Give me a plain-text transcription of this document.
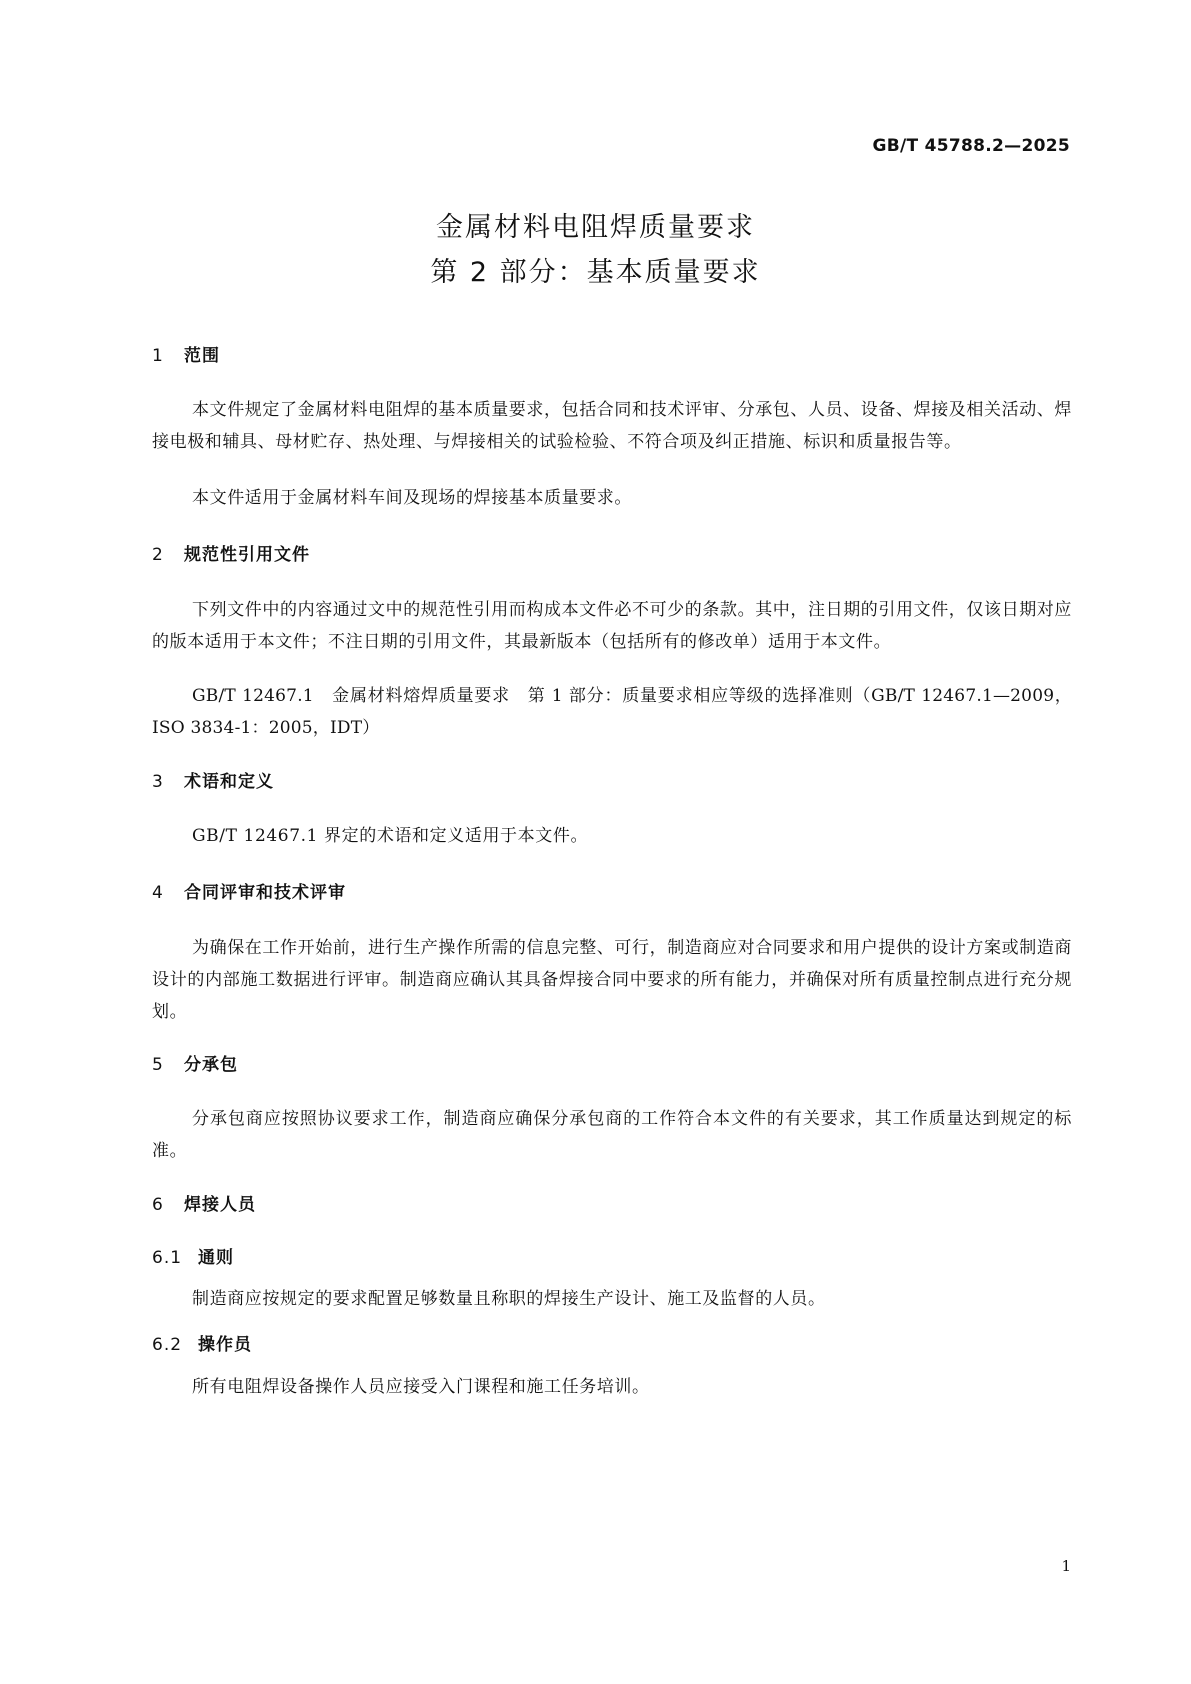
GB/T 45788.2—2025
金属材料电阻焊质量要求
第 2 部分：基本质量要求
1 范围
本文件规定了金属材料电阻焊的基本质量要求，包括合同和技术评审、分承包、人员、设备、焊接及相关活动、焊接电极和辅具、母材贮存、热处理、与焊接相关的试验检验、不符合项及纠正措施、标识和质量报告等。
本文件适用于金属材料车间及现场的焊接基本质量要求。
2 规范性引用文件
下列文件中的内容通过文中的规范性引用而构成本文件必不可少的条款。其中，注日期的引用文件，仅该日期对应的版本适用于本文件；不注日期的引用文件，其最新版本（包括所有的修改单）适用于本文件。
GB/T 12467.1　金属材料熔焊质量要求　第 1 部分：质量要求相应等级的选择准则（GB/T 12467.1—2009，ISO 3834-1：2005，IDT）
3 术语和定义
GB/T 12467.1 界定的术语和定义适用于本文件。
4 合同评审和技术评审
为确保在工作开始前，进行生产操作所需的信息完整、可行，制造商应对合同要求和用户提供的设计方案或制造商设计的内部施工数据进行评审。制造商应确认其具备焊接合同中要求的所有能力，并确保对所有质量控制点进行充分规划。
5 分承包
分承包商应按照协议要求工作，制造商应确保分承包商的工作符合本文件的有关要求，其工作质量达到规定的标准。
6 焊接人员
6.1 通则
制造商应按规定的要求配置足够数量且称职的焊接生产设计、施工及监督的人员。
6.2 操作员
所有电阻焊设备操作人员应接受入门课程和施工任务培训。
1
